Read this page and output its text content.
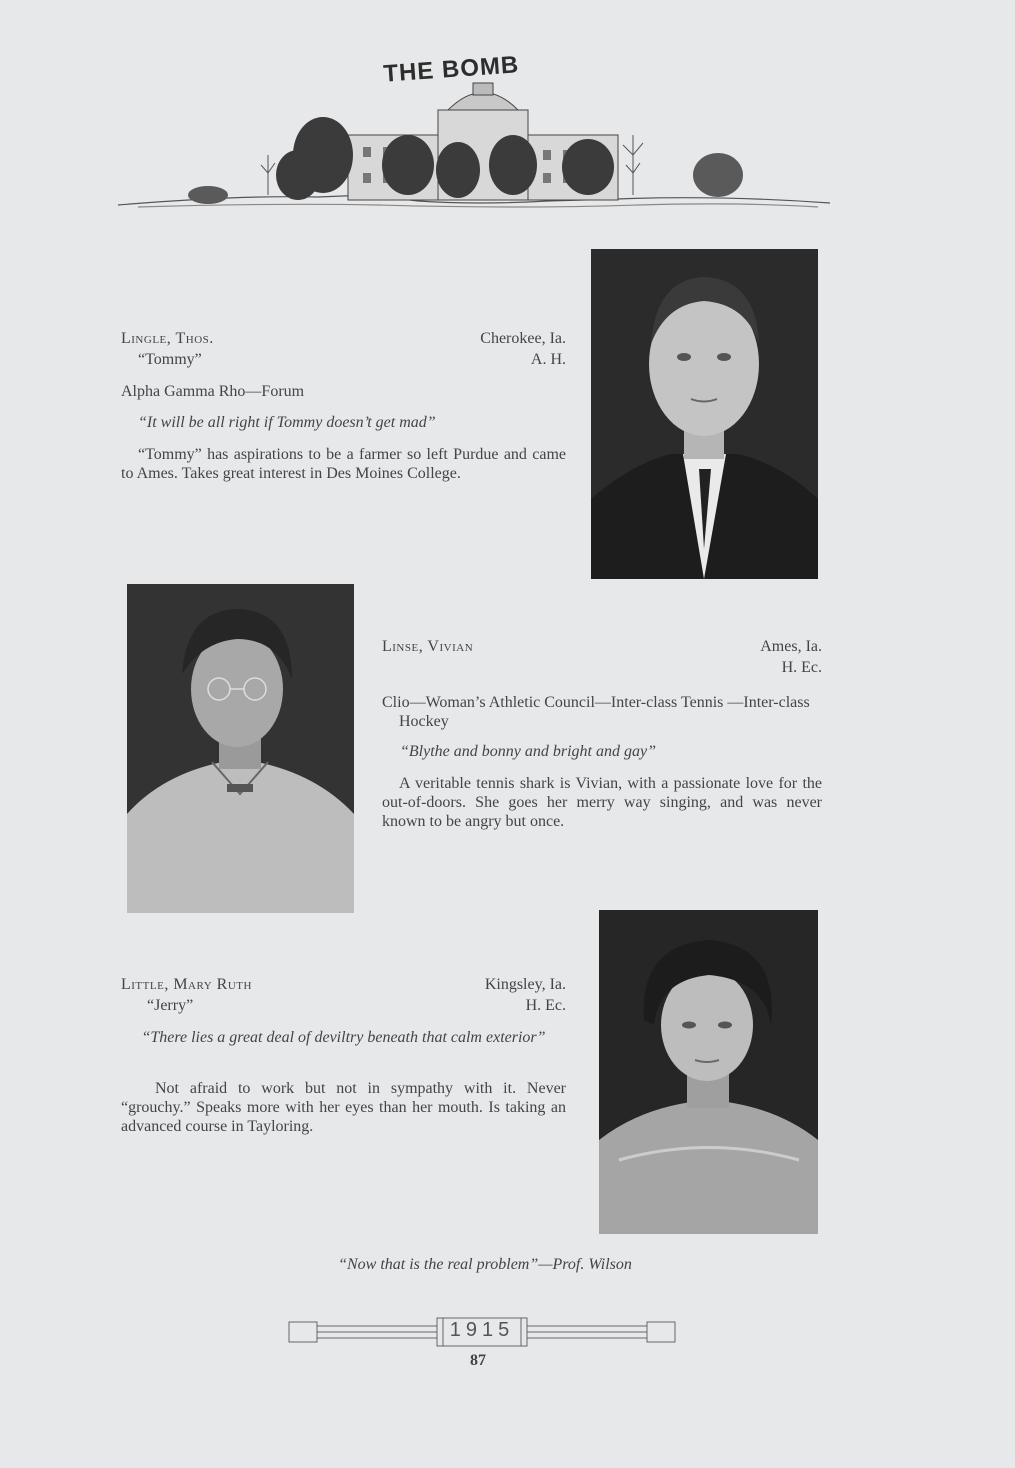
THE BOMB
Lingle, Thos.	Cherokee, Ia.
“Tommy”	A. H.
Alpha Gamma Rho—Forum
“It will be all right if Tommy doesn’t get mad”
“Tommy” has aspirations to be a farmer so left Purdue and came to Ames. Takes great interest in Des Moines College.
Linse, Vivian	Ames, Ia.
H. Ec.
Clio—Woman’s Athletic Council—Inter-class Tennis —Inter-class Hockey
“Blythe and bonny and bright and gay”
A veritable tennis shark is Vivian, with a passionate love for the out-of-doors. She goes her merry way singing, and was never known to be angry but once.
Little, Mary Ruth	Kingsley, Ia.
“Jerry”	H. Ec.
“There lies a great deal of deviltry beneath that calm exterior”
Not afraid to work but not in sympathy with it. Never “grouchy.” Speaks more with her eyes than her mouth. Is taking an advanced course in Tayloring.
“Now that is the real problem”—Prof. Wilson
1915
87
